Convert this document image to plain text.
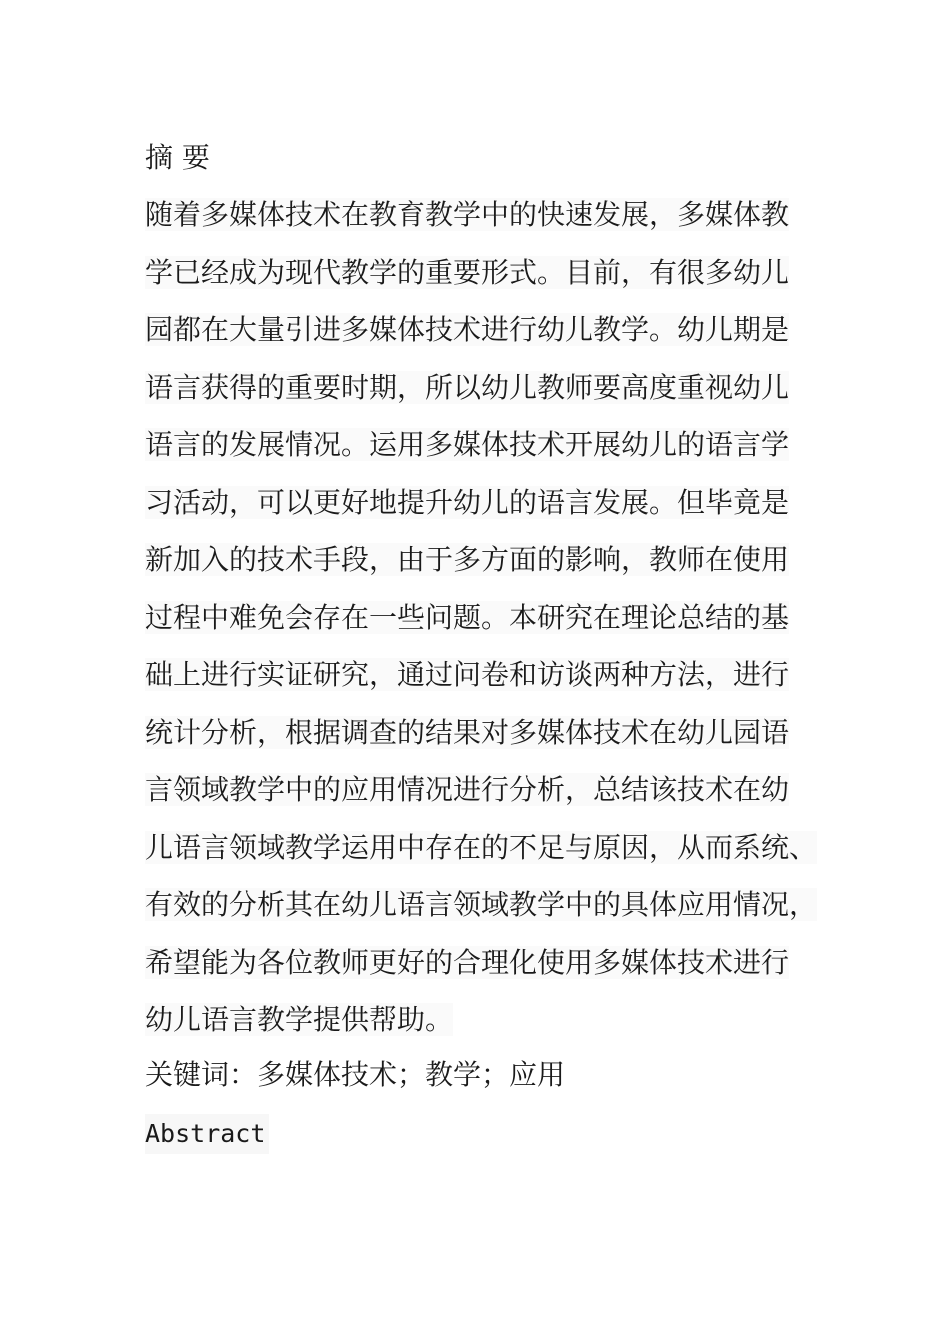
摘 要
随着多媒体技术在教育教学中的快速发展，多媒体教
学已经成为现代教学的重要形式。目前，有很多幼儿
园都在大量引进多媒体技术进行幼儿教学。幼儿期是
语言获得的重要时期，所以幼儿教师要高度重视幼儿
语言的发展情况。运用多媒体技术开展幼儿的语言学
习活动，可以更好地提升幼儿的语言发展。但毕竟是
新加入的技术手段，由于多方面的影响，教师在使用
过程中难免会存在一些问题。本研究在理论总结的基
础上进行实证研究，通过问卷和访谈两种方法，进行
统计分析，根据调查的结果对多媒体技术在幼儿园语
言领域教学中的应用情况进行分析，总结该技术在幼
儿语言领域教学运用中存在的不足与原因，从而系统、
有效的分析其在幼儿语言领域教学中的具体应用情况，
希望能为各位教师更好的合理化使用多媒体技术进行
幼儿语言教学提供帮助。
关键词：多媒体技术；教学；应用
Abstract
